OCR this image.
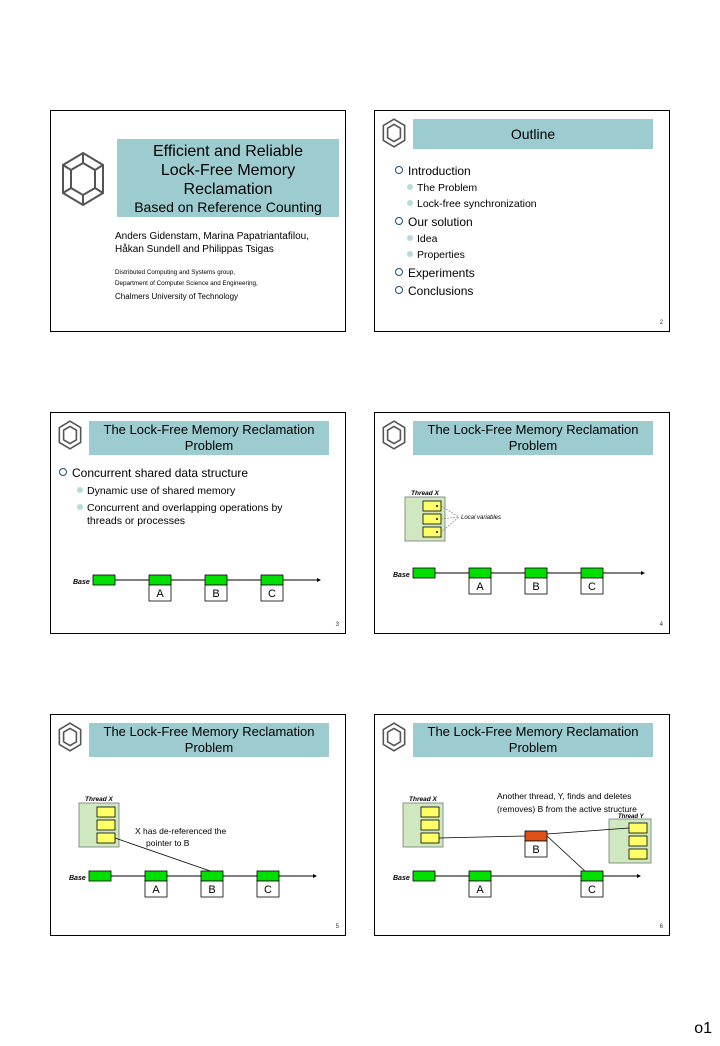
Efficient and Reliable
Lock-Free Memory
Reclamation
Based on Reference Counting
Anders Gidenstam, Marina Papatriantafilou,
Håkan Sundell and Philippas Tsigas
Distributed Computing and Systems group,
Department of Computer Science and Engineering,
Chalmers University of Technology
Outline
Introduction
The Problem
Lock-free synchronization
Our solution
Idea
Properties
Experiments
Conclusions
2
The Lock-Free Memory Reclamation
Problem
Concurrent shared data structure
Dynamic use of shared memory
Concurrent and overlapping operations by
threads or processes
Base
A	B	C
3
The Lock-Free Memory Reclamation
Problem
Thread X
Local variables
Base
A	B	C
4
The Lock-Free Memory Reclamation
Problem
Thread X
X has de-referenced the
pointer to B
Base
A	B	C
5
The Lock-Free Memory Reclamation
Problem
Another thread, Y, finds and deletes
(removes) B from the active structure
Thread X
Thread Y
B
Base
A	C
6
o1
